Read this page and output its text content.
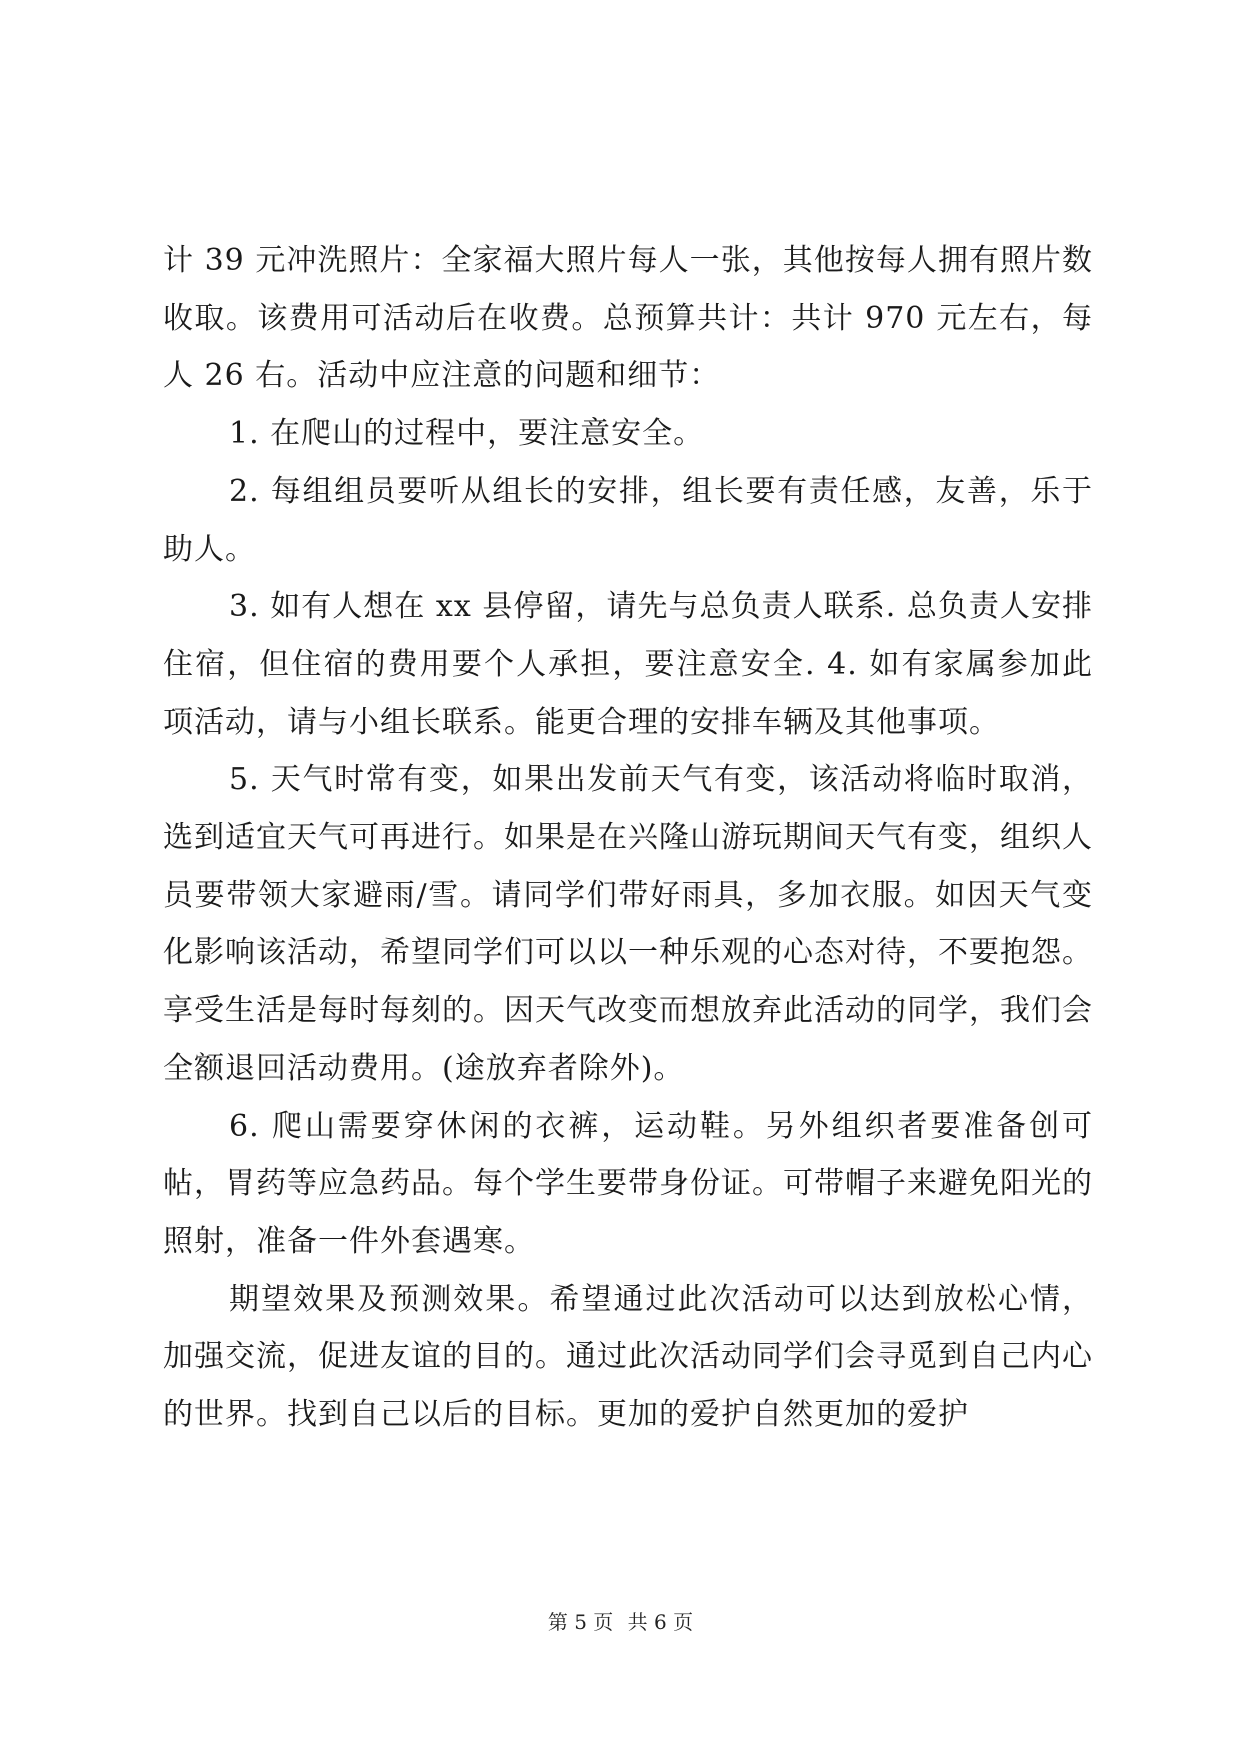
计 39 元冲洗照片：全家福大照片每人一张，其他按每人拥有照片数收取。该费用可活动后在收费。总预算共计：共计 970 元左右，每人 26 右。活动中应注意的问题和细节：

1. 在爬山的过程中，要注意安全。

2. 每组组员要听从组长的安排，组长要有责任感，友善，乐于助人。

3. 如有人想在 xx 县停留，请先与总负责人联系. 总负责人安排住宿，但住宿的费用要个人承担，要注意安全. 4. 如有家属参加此项活动，请与小组长联系。能更合理的安排车辆及其他事项。

5. 天气时常有变，如果出发前天气有变，该活动将临时取消，选到适宜天气可再进行。如果是在兴隆山游玩期间天气有变，组织人员要带领大家避雨/雪。请同学们带好雨具，多加衣服。如因天气变化影响该活动，希望同学们可以以一种乐观的心态对待，不要抱怨。享受生活是每时每刻的。因天气改变而想放弃此活动的同学，我们会全额退回活动费用。(途放弃者除外)。

6. 爬山需要穿休闲的衣裤，运动鞋。另外组织者要准备创可帖，胃药等应急药品。每个学生要带身份证。可带帽子来避免阳光的照射，准备一件外套遇寒。

期望效果及预测效果。希望通过此次活动可以达到放松心情，加强交流，促进友谊的目的。通过此次活动同学们会寻觅到自己内心的世界。找到自己以后的目标。更加的爱护自然更加的爱护

第 5 页 共 6 页
